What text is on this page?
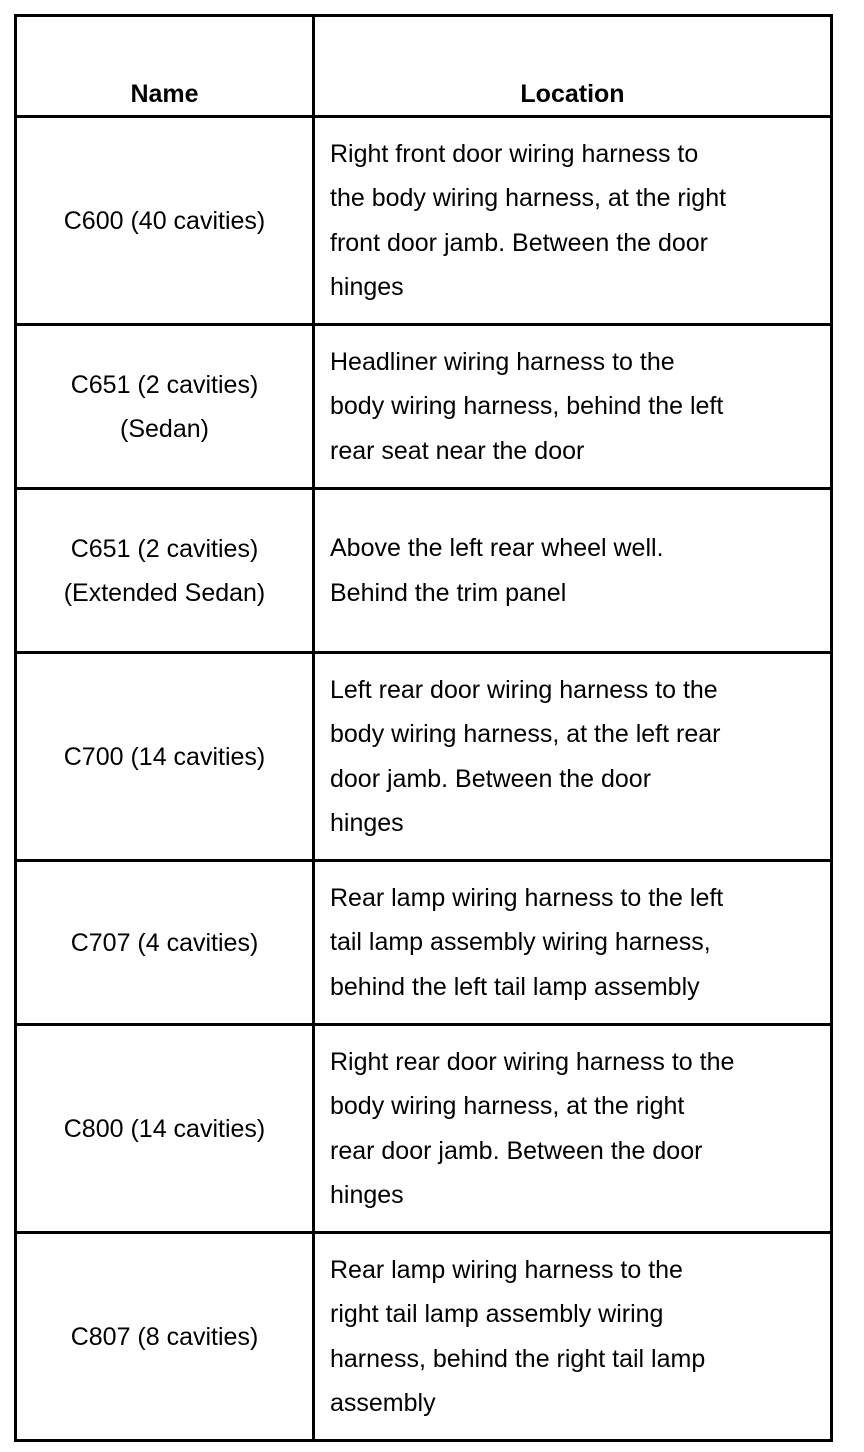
Name	Location
C600 (40 cavities)	Right front door wiring harness to
the body wiring harness, at the right
front door jamb. Between the door
hinges

C651 (2 cavities)
(Sedan)	Headliner wiring harness to the
body wiring harness, behind the left
rear seat near the door

C651 (2 cavities)
(Extended Sedan)	Above the left rear wheel well.
Behind the trim panel

C700 (14 cavities)	Left rear door wiring harness to the
body wiring harness, at the left rear
door jamb. Between the door
hinges

C707 (4 cavities)	Rear lamp wiring harness to the left
tail lamp assembly wiring harness,
behind the left tail lamp assembly

C800 (14 cavities)	Right rear door wiring harness to the
body wiring harness, at the right
rear door jamb. Between the door
hinges

C807 (8 cavities)	Rear lamp wiring harness to the
right tail lamp assembly wiring
harness, behind the right tail lamp
assembly
